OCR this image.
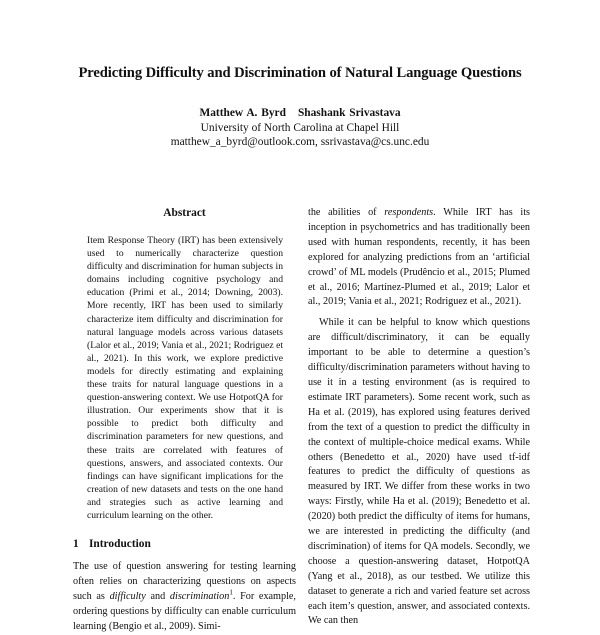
Predicting Difficulty and Discrimination of Natural Language Questions
Matthew A. Byrd Shashank Srivastava
University of North Carolina at Chapel Hill
matthew_a_byrd@outlook.com, ssrivastava@cs.unc.edu
Abstract

Item Response Theory (IRT) has been extensively used to numerically characterize question difficulty and discrimination for human subjects in domains including cognitive psychology and education (Primi et al., 2014; Downing, 2003). More recently, IRT has been used to similarly characterize item difficulty and discrimination for natural language models across various datasets (Lalor et al., 2019; Vania et al., 2021; Rodriguez et al., 2021). In this work, we explore predictive models for directly estimating and explaining these traits for natural language questions in a question-answering context. We use HotpotQA for illustration. Our experiments show that it is possible to predict both difficulty and discrimination parameters for new questions, and these traits are correlated with features of questions, answers, and associated contexts. Our findings can have significant implications for the creation of new datasets and tests on the one hand and strategies such as active learning and curriculum learning on the other.

1 Introduction

The use of question answering for testing learning often relies on characterizing questions on aspects such as difficulty and discrimination$^1$. For example, ordering questions by difficulty can enable curriculum learning (Bengio et al., 2009). Simi-

the abilities of respondents. While IRT has its inception in psychometrics and has traditionally been used with human respondents, recently, it has been explored for analyzing predictions from an ‘artificial crowd’ of ML models (Prudêncio et al., 2015; Plumed et al., 2016; Martínez-Plumed et al., 2019; Lalor et al., 2019; Vania et al., 2021; Rodriguez et al., 2021).

While it can be helpful to know which questions are difficult/discriminatory, it can be equally important to be able to determine a question’s difficulty/discrimination parameters without having to use it in a testing environment (as is required to estimate IRT parameters). Some recent work, such as Ha et al. (2019), has explored using features derived from the text of a question to predict the difficulty in the context of multiple-choice medical exams. While others (Benedetto et al., 2020) have used tf-idf features to predict the difficulty of questions as measured by IRT. We differ from these works in two ways: Firstly, while Ha et al. (2019); Benedetto et al. (2020) both predict the difficulty of items for humans, we are interested in predicting the difficulty (and discrimination) of items for QA models. Secondly, we choose a question-answering dataset, HotpotQA (Yang et al., 2018), as our testbed. We utilize this dataset to generate a rich and varied feature set across each item’s question, answer, and associated contexts. We can then
